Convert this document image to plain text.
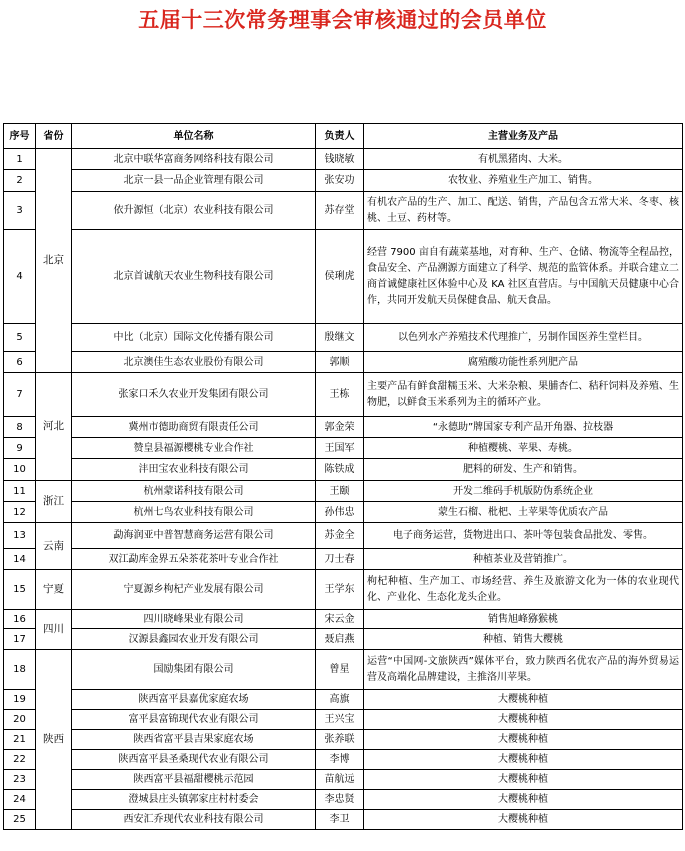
五届十三次常务理事会审核通过的会员单位
序号	省份	单位名称	负责人	主营业务及产品
1	北京	北京中联华富商务网络科技有限公司	钱晓敏	有机黑猪肉、大米。
2		北京一县一品企业管理有限公司	张安功	农牧业、养殖业生产加工、销售。
3		依升源恒（北京）农业科技有限公司	苏存堂	有机农产品的生产、加工、配送、销售，产品包含五常大米、冬枣、核桃、土豆、药材等。
4		北京首诚航天农业生物科技有限公司	侯琍虎	经营 7900 亩自有蔬菜基地，对育种、生产、仓储、物流等全程品控，食品安全、产品溯源方面建立了科学、规范的监管体系。并联合建立二商首诚健康社区体验中心及 KA 社区直营店。与中国航天员健康中心合作，共同开发航天员保健食品、航天食品。
5		中比（北京）国际文化传播有限公司	殷继文	以色列水产养殖技术代理推广，另制作国医养生堂栏目。
6		北京澳佳生态农业股份有限公司	郭顺	腐殖酸功能性系列肥产品
7	河北	张家口禾久农业开发集团有限公司	王栋	主要产品有鲜食甜糯玉米、大米杂粮、果脯杏仁、秸秆饲料及养殖、生物肥，以鲜食玉米系列为主的循环产业。
8		冀州市德助商贸有限责任公司	郭金荣	“永德助”牌国家专利产品开角器、拉枝器
9		赞皇县福源樱桃专业合作社	王国军	种植樱桃、苹果、寿桃。
10		沣田宝农业科技有限公司	陈铁成	肥料的研发、生产和销售。
11	浙江	杭州蒙诺科技有限公司	王颐	开发二维码手机版防伪系统企业
12		杭州七鸟农业科技有限公司	孙伟忠	蒙生石榴、枇杷、土苹果等优质农产品
13	云南	勐海润亚中普智慧商务运营有限公司	苏金全	电子商务运营，货物进出口、茶叶等包装食品批发、零售。
14		双江勐库金界五朵茶花茶叶专业合作社	刀士春	种植茶业及营销推广。
15	宁夏	宁夏源乡枸杞产业发展有限公司	王学东	枸杞种植、生产加工、市场经营、养生及旅游文化为一体的农业现代化、产业化、生态化龙头企业。
16	四川	四川晓峰果业有限公司	宋云金	销售旭峰猕猴桃
17		汉源县鑫园农业开发有限公司	聂启燕	种植、销售大樱桃
18	陕西	国励集团有限公司	曾星	运营“中国网-文旅陕西”媒体平台，致力陕西名优农产品的海外贸易运营及高端化品牌建设，主推洛川苹果。
19		陕西富平县嘉优家庭农场	高旗	大樱桃种植
20		富平县富锦现代农业有限公司	王兴宝	大樱桃种植
21		陕西省富平县吉果家庭农场	张养联	大樱桃种植
22		陕西富平县圣桑现代农业有限公司	李博	大樱桃种植
23		陕西富平县福甜樱桃示范园	苗航远	大樱桃种植
24		澄城县庄头镇郭家庄村村委会	李忠贤	大樱桃种植
25		西安汇乔现代农业科技有限公司	李卫	大樱桃种植
